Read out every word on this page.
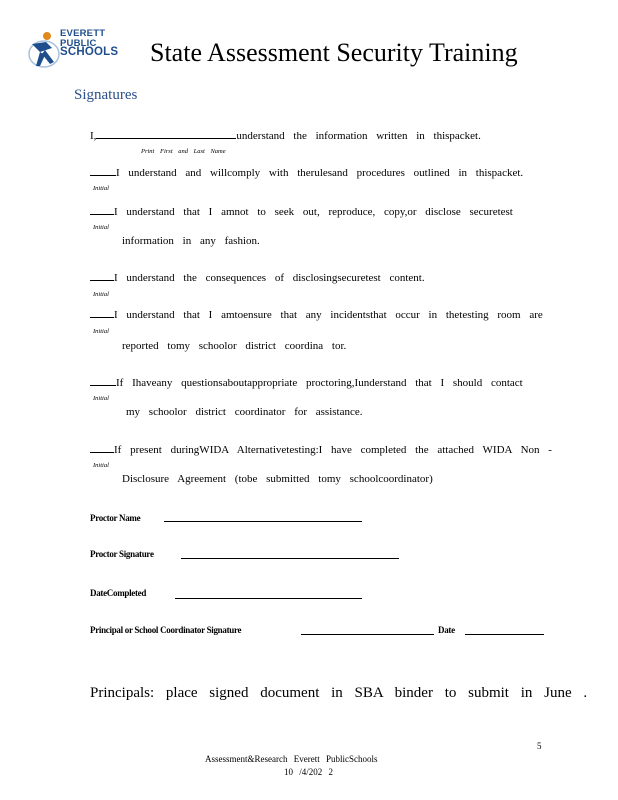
EVERETT
PUBLIC
SCHOOLS State Assessment Security Training
Signatures
I,	understand the information written in thispacket.
Print First and Last Name
I understand and willcomply with therulesand procedures outlined in thispacket.
Initial
I understand that I amnot to seek out, reproduce, copy,or disclose securetest
Initial
information in any fashion.
I understand the consequences of disclosingsecuretest content.
Initial
I understand that I amtoensure that any incidentsthat occur in thetesting room are
Initial
reported tomy schoolor district coordina tor.
If Ihaveany questionsaboutappropriate proctoring,Iunderstand that I should contact
Initial
my schoolor district coordinator for assistance.
If present duringWIDA Alternativetesting:I have completed the attached WIDA Non -
Initial
Disclosure Agreement (tobe submitted tomy schoolcoordinator)
Proctor Name
Proctor Signature
DateCompleted
Principal or School Coordinator Signature	Date
Principals: place signed document in SBA binder to submit in June .
5
Assessment&Research Everett PublicSchools
10 /4/202 2
